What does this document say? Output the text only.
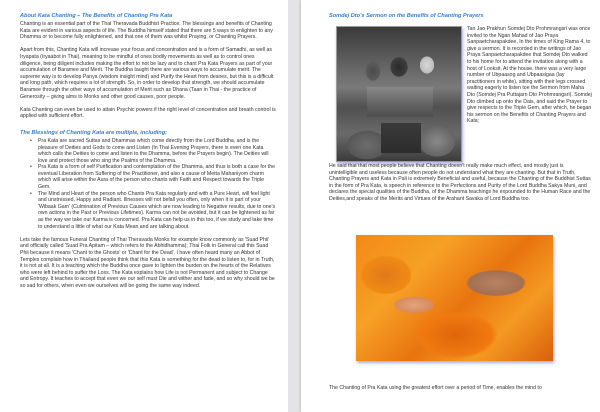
About Kata Chanting – The Benefits of Chanting Pra Kata

Chanting is an essential part of the Thai Theravada Buddhist Practice. The blessings and benefits of Chanting Kata are evident in various aspects of life. The Buddha himself stated that there are 5 ways to enlighten to any Dhamma or to become fully enlightened, and that one of them was whilst Praying, or Chanting Prayers.

Apart from this, Chanting Kata will increase your focus and concentration and is a form of Samadhi, as well as Iryapata (Iryaabot in Thai), meaning to be mindful of ones bodily movements as well as to control ones diligence, being diligent includes making the effort to not be lazy and to chant Pra Kata Prayers as part of your accumulation of Baramee and Merit. The Buddha taught there are various ways to accumulate merit. The supreme way is to develop Panya (wisdom insight mind) and Purify the Heart from desires, but this is a difficult and long path, which requires a lot of strength. So, in order to develop that strength, we should accumulate Baramee through the other ways of accumulation of Merit such as Dhana (Taan in Thai - the practice of Generosity – giving alms to Monks and other good causes, poor people.

Kata Chanting can even be used to attain Psychic powers if the right level of concentration and breath control is applied with sufficient effort.

The Blessings of Chanting Kata are multiple, including;
• Pra Kata are sacred Suttas and Dhammas which come directly from the Lord Buddha, and is the pleasure of Deities and Gods to come and Listen (In Thai Evening Prayers, there is even one Kata which calls the Deities to come and listen to the Dhamma, before the Prayers begin). The Deities will love and protect those who sing the Psalms of the Dhamma.
• Pra Kata is a form of self Purification and contemplation of the Dhamma, and thus is both a case for the eventual Liberation from Suffering of the Practitioner, and also a cause of Metta Mahaniyom charm which will arise within the Aura of the person who chants with Faith and Respect towards the Triple Gem.
• The Mind and Heart of the person who Chants Pra Kata regularly and with a Pure Heart, will feel light and unstressed, Happy and Radiant. Illnesses will not befall you often, only when it is part of your 'Wibaak Gam' (Culmination of Previous Causes which are now leading to Negative results, due to one's own actions in the Past or Previous Lifetimes). Karma can not be avoided, but it can be lightened as far as the way we take our Karma is concerned. Pra Kata can help us in this too, if we study and take time to understand a little of what our Kata Mean and are talking about.

Lets take the famous Funeral Chanting of Thai Theravada Monks for example know commonly as 'Suad Phii' and officially called 'Suad Pra Apitam – which refers to the Abhidhamma); Thai Folk in General call this Suad Phii because it means 'Chant to the Ghosts' or 'Chant for the Dead'. I have often heard many an Abbot of Temples complain how in Thailand people think that this Kata is something for the dead to listen to, for in Truth, it is not at all. It is a teaching which the Buddha once gave to lighten the burden on the hearts of the Relatives who were left behind to suffer the Loss. The Kata explains how Life is not Permanent and subject to Change and Entropy. It teaches to accept that even we our self must Die and wither and fade, and so why should we be so sad for others, when even we ourselves will be going the same way indeed.

Somdej Dto's Sermon on the Benefits of Chanting Prayers

Tan Jao Prakhun Somdej Dto Prohmrangsri was once invited to the Ngan Mahad of Jao Praya Sanpaetcharapakdee, In the times of King Rama 4, to give a sermon. It is recorded in the writings of Jao Praya Sanpaetcharapakdee that Somdej Dto walked to his home for to attend the invitation along with a host of Looksit. At the house, there was a very large number of Ubpaasog and Ubpaasigaa (lay practitioners in white), sitting with their legs crossed waiting eagerly to listen toe the Sermon from Maha Dto (Somdej Pra Puttajarn Dto Prohmrangsri). Somdej Dto climbed up onto the Dais, and said the Prayer to give respects to the Triple Gem, after which, he began his sermon on the Benefits of Chanting Prayers and Kata;

He said that that most people believe that Chanting doesn't really make much effect, and mostly just is unintelligible and useless because often people do not understand what they are chanting. But that in Truth, Chanting Prayers and Kata in Pali is extremely Beneficial and useful, because the Chanting of the Buddhist Suttas in the form of Pra Kata, is speech in reference to the Perfections and Purity of the Lord Buddha Sakya Muni, and declares the special qualities of the Buddha, of the Dhamma teachings he expounded to the Human Race and the Deities,and speaks of the Merits and Virtues of the Arahant Savaka of Lord Buddha too.

The Chanting of Pra Kata using the greatest effort over a period of Time, enables the mind to
